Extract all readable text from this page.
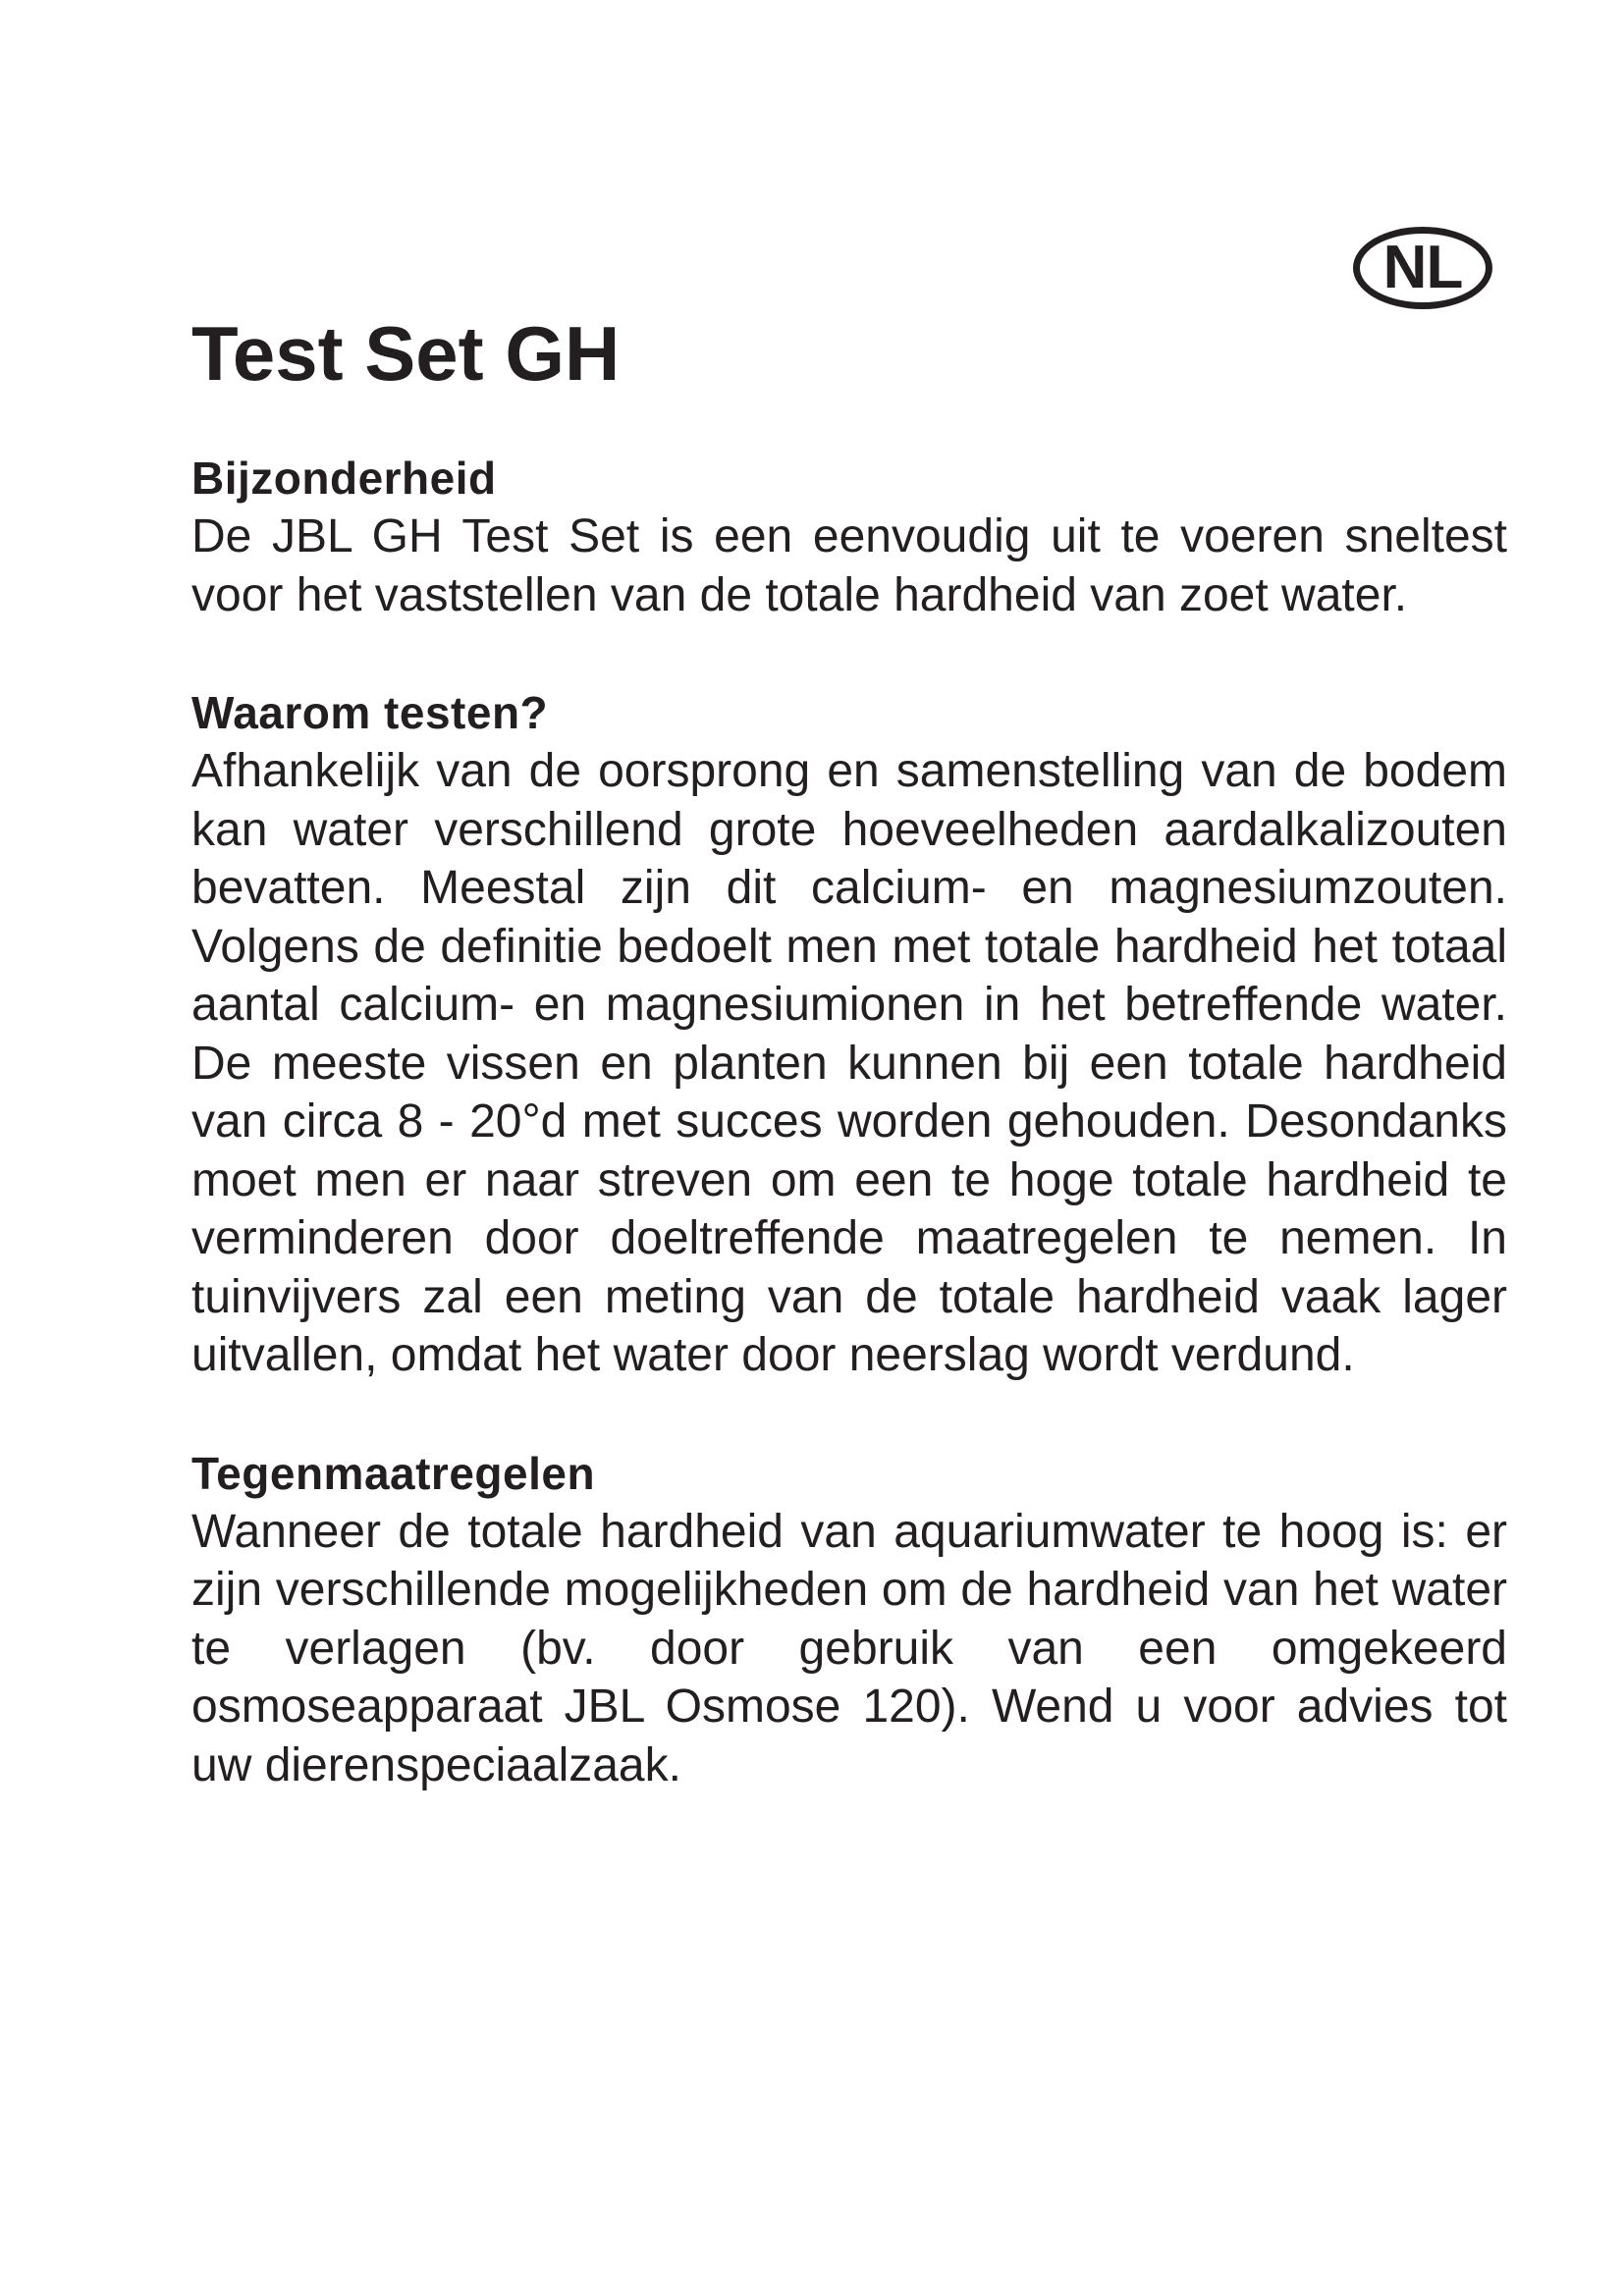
NL
Test Set GH
Bijzonderheid

De JBL GH Test Set is een eenvoudig uit te voeren sneltest voor het vaststellen van de totale hardheid van zoet water.

Waarom testen?

Afhankelijk van de oorsprong en samenstelling van de bodem kan water verschillend grote hoeveelheden aardalkalizouten bevatten. Meestal zijn dit calcium- en magnesiumzouten. Volgens de definitie bedoelt men met totale hardheid het totaal aantal calcium- en magnesiumionen in het betreffende water. De meeste vissen en planten kunnen bij een totale hardheid van circa 8 - 20°d met succes worden gehouden. Desondanks moet men er naar streven om een te hoge totale hardheid te verminderen door doeltreffende maatregelen te nemen. In tuinvijvers zal een meting van de totale hardheid vaak lager uitvallen, omdat het water door neerslag wordt verdund.

Tegenmaatregelen

Wanneer de totale hardheid van aquariumwater te hoog is: er zijn verschillende mogelijkheden om de hardheid van het water te verlagen (bv. door gebruik van een omgekeerd osmoseapparaat JBL Osmose 120). Wend u voor advies tot uw dierenspeciaalzaak.
